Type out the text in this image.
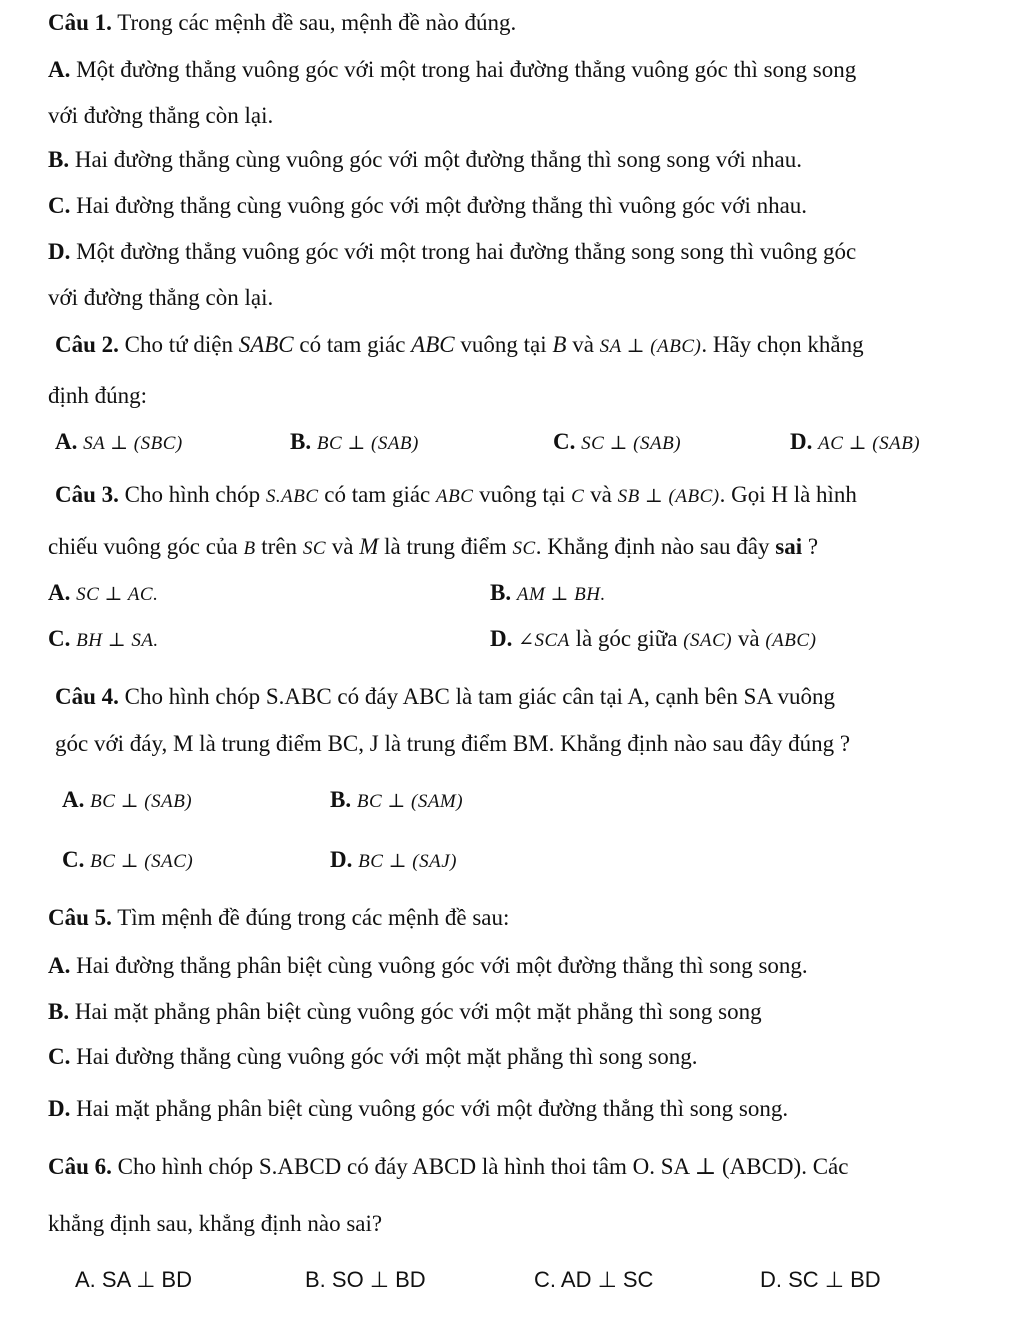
Câu 1. Trong các mệnh đề sau, mệnh đề nào đúng.
A. Một đường thẳng vuông góc với một trong hai đường thẳng vuông góc thì song song
với đường thẳng còn lại.
B. Hai đường thẳng cùng vuông góc với một đường thẳng thì song song với nhau.
C. Hai đường thẳng cùng vuông góc với một đường thẳng thì vuông góc với nhau.
D. Một đường thẳng vuông góc với một trong hai đường thẳng song song thì vuông góc
với đường thẳng còn lại.
Câu 2. Cho tứ diện SABC có tam giác ABC vuông tại B và SA ⊥ (ABC). Hãy chọn khẳng
định đúng:
A. SA ⊥ (SBC)	B. BC ⊥ (SAB)	C. SC ⊥ (SAB)	D. AC ⊥ (SAB)
Câu 3. Cho hình chóp S.ABC có tam giác ABC vuông tại C và SB ⊥ (ABC). Gọi H là hình
chiếu vuông góc của B trên SC và M là trung điểm SC. Khẳng định nào sau đây sai ?
A. SC ⊥ AC.	B. AM ⊥ BH.
C. BH ⊥ SA.	D. ∠SCA là góc giữa (SAC) và (ABC)
Câu 4. Cho hình chóp S.ABC có đáy ABC là tam giác cân tại A, cạnh bên SA vuông
góc với đáy, M là trung điểm BC, J là trung điểm BM. Khẳng định nào sau đây đúng ?
A. BC ⊥ (SAB)	B. BC ⊥ (SAM)
C. BC ⊥ (SAC)	D. BC ⊥ (SAJ)
Câu 5. Tìm mệnh đề đúng trong các mệnh đề sau:
A. Hai đường thẳng phân biệt cùng vuông góc với một đường thẳng thì song song.
B. Hai mặt phẳng phân biệt cùng vuông góc với một mặt phẳng thì song song
C. Hai đường thẳng cùng vuông góc với một mặt phẳng thì song song.
D. Hai mặt phẳng phân biệt cùng vuông góc với một đường thẳng thì song song.
Câu 6. Cho hình chóp S.ABCD có đáy ABCD là hình thoi tâm O. SA ⊥ (ABCD). Các
khẳng định sau, khẳng định nào sai?
A. SA ⊥ BD	B. SO ⊥ BD	C. AD ⊥ SC	D. SC ⊥ BD
